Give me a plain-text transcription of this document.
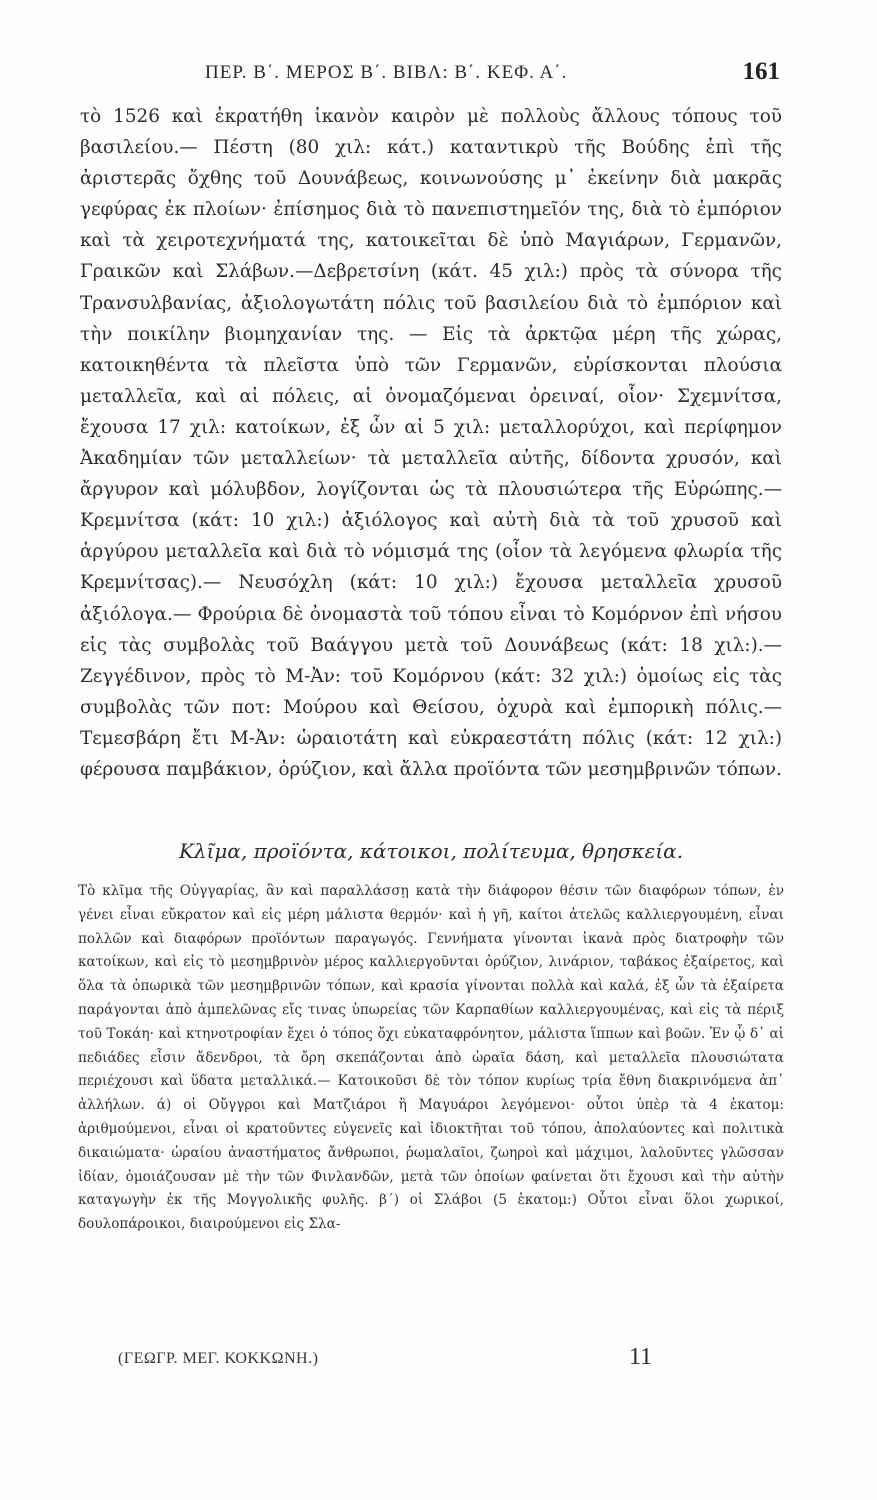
ΠΕΡ. Β΄. ΜΕΡΟΣ Β΄. ΒΙΒΛ: Β΄. ΚΕΦ. Α΄.	161

τὸ 1526 καὶ ἐκρατήθη ἱκανὸν καιρὸν μὲ πολλοὺς ἄλλους τόπους τοῦ βασιλείου.— Πέστη (80 χιλ: κάτ.) καταντικρὺ τῆς Βούδης ἐπὶ τῆς ἀριστερᾶς ὄχθης τοῦ Δουνάβεως, κοινωνούσης μ᾿ ἐκείνην διὰ μακρᾶς γεφύρας ἐκ πλοίων· ἐπίσημος διὰ τὸ πανεπιστημεῖόν της, διὰ τὸ ἐμπόριον καὶ τὰ χειροτεχνήματά της, κατοικεῖται δὲ ὑπὸ Μαγιάρων, Γερμανῶν, Γραικῶν καὶ Σλάβων.—Δεβρετσίνη (κάτ. 45 χιλ:) πρὸς τὰ σύνορα τῆς Τρανσυλβανίας, ἀξιολογωτάτη πόλις τοῦ βασιλείου διὰ τὸ ἐμπόριον καὶ τὴν ποικίλην βιομηχανίαν της. — Εἰς τὰ ἀρκτῷα μέρη τῆς χώρας, κατοικηθέντα τὰ πλεῖστα ὑπὸ τῶν Γερμανῶν, εὑρίσκονται πλούσια μεταλλεῖα, καὶ αἱ πόλεις, αἱ ὀνομαζόμεναι ὀρειναί, οἷον· Σχεμνίτσα, ἔχουσα 17 χιλ: κατοίκων, ἐξ ὧν αἱ 5 χιλ: μεταλλορύχοι, καὶ περίφημον Ἀκαδημίαν τῶν μεταλλείων· τὰ μεταλλεῖα αὐτῆς, δίδοντα χρυσόν, καὶ ἄργυρον καὶ μόλυβδον, λογίζονται ὡς τὰ πλουσιώτερα τῆς Εὐρώπης.—Κρεμνίτσα (κάτ: 10 χιλ:) ἀξιόλογος καὶ αὐτὴ διὰ τὰ τοῦ χρυσοῦ καὶ ἀργύρου μεταλλεῖα καὶ διὰ τὸ νόμισμά της (οἷον τὰ λεγόμενα φλωρία τῆς Κρεμνίτσας).— Νευσόχλη (κάτ: 10 χιλ:) ἔχουσα μεταλλεῖα χρυσοῦ ἀξιόλογα.— Φρούρια δὲ ὀνομαστὰ τοῦ τόπου εἶναι τὸ Κομόρνον ἐπὶ νήσου εἰς τὰς συμβολὰς τοῦ Βαάγγου μετὰ τοῦ Δουνάβεως (κάτ: 18 χιλ:).—Ζεγγέδινον, πρὸς τὸ Μ-Ἀν: τοῦ Κομόρνου (κάτ: 32 χιλ:) ὁμοίως εἰς τὰς συμβολὰς τῶν ποτ: Μούρου καὶ Θείσου, ὀχυρὰ καὶ ἐμπορικὴ πόλις.— Τεμεσβάρη ἔτι Μ-Ἀν: ὡραιοτάτη καὶ εὐκραεστάτη πόλις (κάτ: 12 χιλ:) φέρουσα παμβάκιον, ὀρύζιον, καὶ ἄλλα προϊόντα τῶν μεσημβρινῶν τόπων.

Κλῖμα, προϊόντα, κάτοικοι, πολίτευμα, θρησκεία.

Τὸ κλῖμα τῆς Οὐγγαρίας, ἂν καὶ παραλλάσσῃ κατὰ τὴν διάφορον θέσιν τῶν διαφόρων τόπων, ἐν γένει εἶναι εὔκρατον καὶ εἰς μέρη μάλιστα θερμόν· καὶ ἡ γῆ, καίτοι ἀτελῶς καλλιεργουμένη, εἶναι πολλῶν καὶ διαφόρων προϊόντων παραγωγός. Γεννήματα γίνονται ἱκανὰ πρὸς διατροφὴν τῶν κατοίκων, καὶ εἰς τὸ μεσημβρινὸν μέρος καλλιεργοῦνται ὀρύζιον, λινάριον, ταβάκος ἐξαίρετος, καὶ ὅλα τὰ ὀπωρικὰ τῶν μεσημβρινῶν τόπων, καὶ κρασία γίνονται πολλὰ καὶ καλά, ἐξ ὧν τὰ ἐξαίρετα παράγονται ἀπὸ ἀμπελῶνας εἴς τινας ὑπωρείας τῶν Καρπαθίων καλλιεργουμένας, καὶ εἰς τὰ πέριξ τοῦ Τοκάη· καὶ κτηνοτροφίαν ἔχει ὁ τόπος ὄχι εὐκαταφρόνητον, μάλιστα ἵππων καὶ βοῶν. Ἐν ᾧ δ᾿ αἱ πεδιάδες εἶσιν ἄδενδροι, τὰ ὄρη σκεπάζονται ἀπὸ ὡραῖα δάση, καὶ μεταλλεῖα πλουσιώτατα περιέχουσι καὶ ὕδατα μεταλλικά.— Κατοικοῦσι δὲ τὸν τόπον κυρίως τρία ἔθνη διακρινόμενα ἀπ᾿ ἀλλήλων. ά) οἱ Οὔγγροι καὶ Ματζιάροι ἢ Μαγυάροι λεγόμενοι· οὗτοι ὑπὲρ τὰ 4 ἑκατομ: ἀριθμούμενοι, εἶναι οἱ κρατοῦντες εὐγενεῖς καὶ ἰδιοκτῆται τοῦ τόπου, ἀπολαύοντες καὶ πολιτικὰ δικαιώματα· ὡραίου ἀναστήματος ἄνθρωποι, ῥωμαλαῖοι, ζωηροὶ καὶ μάχιμοι, λαλοῦντες γλῶσσαν ἰδίαν, ὁμοιάζουσαν μὲ τὴν τῶν Φινλανδῶν, μετὰ τῶν ὁποίων φαίνεται ὅτι ἔχουσι καὶ τὴν αὐτὴν καταγωγὴν ἐκ τῆς Μογγολικῆς φυλῆς. β΄) οἱ Σλάβοι (5 ἑκατομ:) Οὗτοι εἶναι ὅλοι χωρικοί, δουλοπάροικοι, διαιρούμενοι εἰς Σλα-

(ΓΕΩΓΡ. ΜΕΓ. ΚΟΚΚΩΝΗ.)	11
